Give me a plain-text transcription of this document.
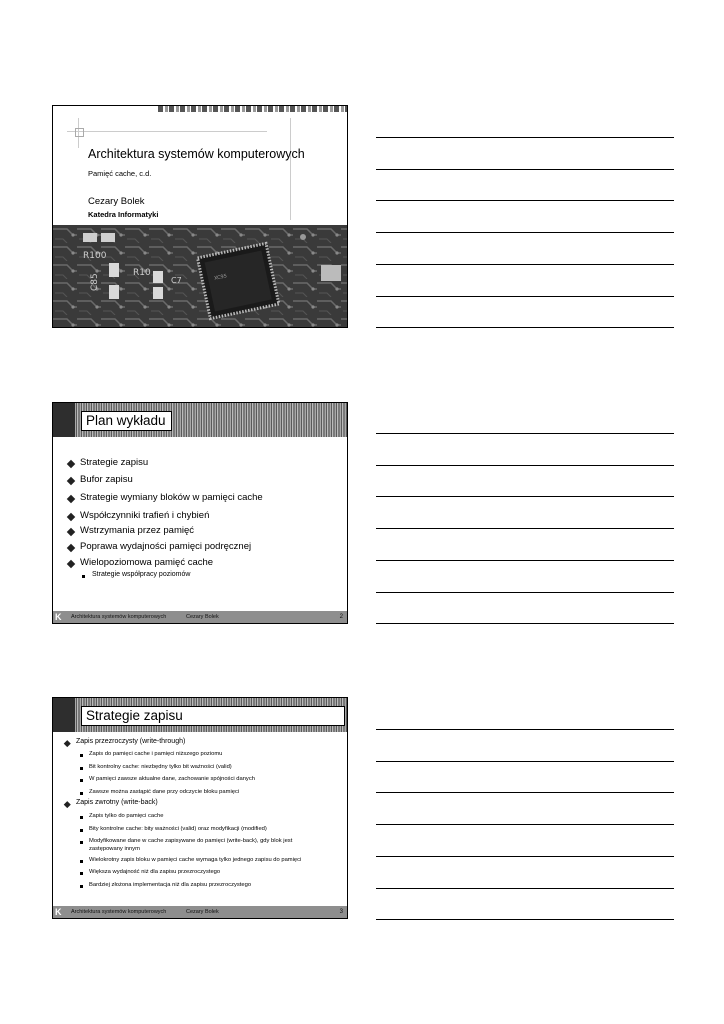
Architektura systemów komputerowych
Pamięć cache, c.d.
Cezary Bolek
Katedra Informatyki
XC95
R100
C85
R10
C7
Plan wykładu
Strategie zapisu
Bufor zapisu
Strategie wymiany bloków w pamięci cache
Współczynniki trafień i chybień
Wstrzymania przez pamięć
Poprawa wydajności pamięci podręcznej
Wielopoziomowa pamięć cache
Strategie współpracy poziomów
K	Architektura systemów komputerowych	Cezary Bolek	2
Strategie zapisu
Zapis przezroczysty (write-through)
Zapis do pamięci cache i pamięci niższego poziomu
Bit kontrolny cache: niezbędny tylko bit ważności (valid)
W pamięci zawsze aktualne dane, zachowanie spójności danych
Zawsze można zastąpić dane przy odczycie bloku pamięci
Zapis zwrotny (write-back)
Zapis tylko do pamięci cache
Bity kontrolne cache: bity ważności (valid) oraz modyfikacji (modified)
Modyfikowane dane w cache zapisywane do pamięci (write-back), gdy blok jest
zastępowany innym
Wielokrotny zapis bloku w pamięci cache wymaga tylko jednego zapisu do pamięci
Większa wydajność niż dla zapisu przezroczystego
Bardziej złożona implementacja niż dla zapisu przezroczystego
K	Architektura systemów komputerowych	Cezary Bolek	3
